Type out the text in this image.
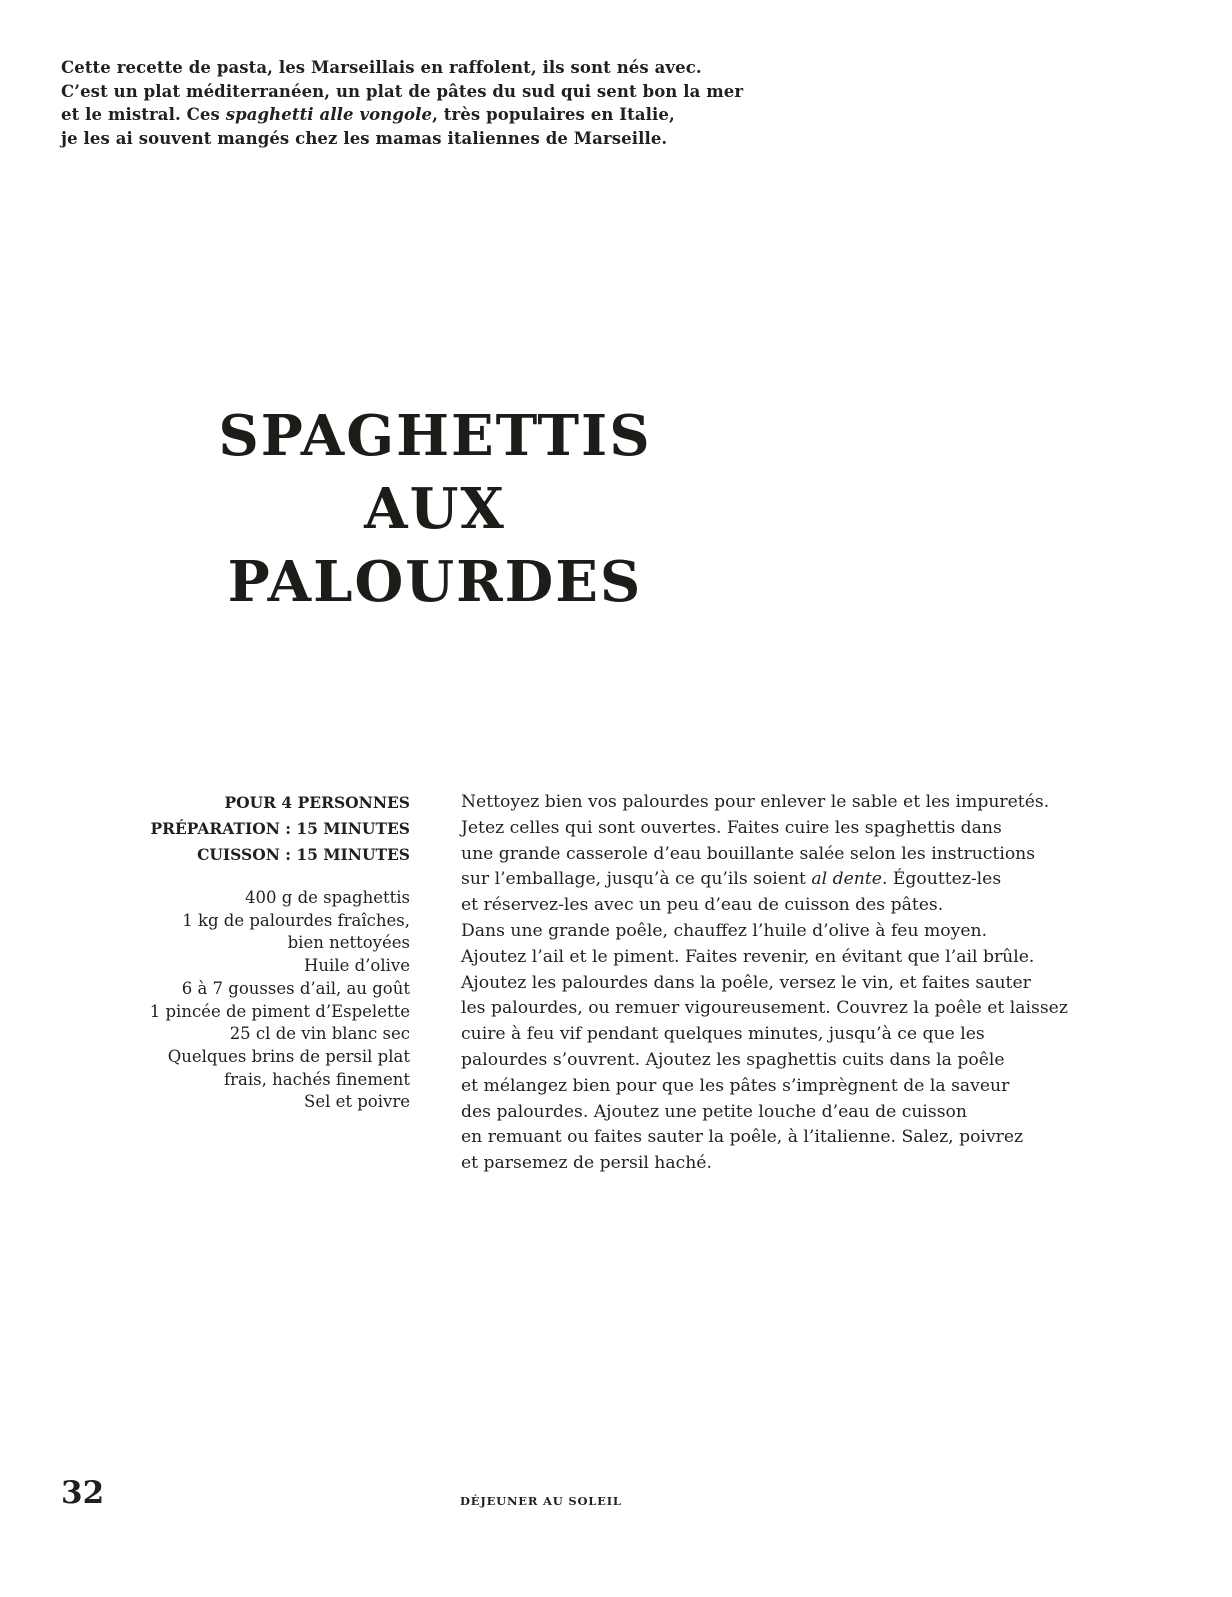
Cette recette de pasta, les Marseillais en raffolent, ils sont nés avec.
C’est un plat méditerranéen, un plat de pâtes du sud qui sent bon la mer
et le mistral. Ces spaghetti alle vongole, très populaires en Italie,
je les ai souvent mangés chez les mamas italiennes de Marseille.
SPAGHETTIS
AUX
PALOURDES
POUR 4 PERSONNES
PRÉPARATION : 15 MINUTES
CUISSON : 15 MINUTES
400 g de spaghettis
1 kg de palourdes fraîches,
bien nettoyées
Huile d’olive
6 à 7 gousses d’ail, au goût
1 pincée de piment d’Espelette
25 cl de vin blanc sec
Quelques brins de persil plat
frais, hachés finement
Sel et poivre
Nettoyez bien vos palourdes pour enlever le sable et les impuretés.
Jetez celles qui sont ouvertes. Faites cuire les spaghettis dans
une grande casserole d’eau bouillante salée selon les instructions
sur l’emballage, jusqu’à ce qu’ils soient al dente. Égouttez-les
et réservez-les avec un peu d’eau de cuisson des pâtes.
Dans une grande poêle, chauffez l’huile d’olive à feu moyen.
Ajoutez l’ail et le piment. Faites revenir, en évitant que l’ail brûle.
Ajoutez les palourdes dans la poêle, versez le vin, et faites sauter
les palourdes, ou remuer vigoureusement. Couvrez la poêle et laissez
cuire à feu vif pendant quelques minutes, jusqu’à ce que les
palourdes s’ouvrent. Ajoutez les spaghettis cuits dans la poêle
et mélangez bien pour que les pâtes s’imprègnent de la saveur
des palourdes. Ajoutez une petite louche d’eau de cuisson
en remuant ou faites sauter la poêle, à l’italienne. Salez, poivrez
et parsemez de persil haché.
32	DÉJEUNER AU SOLEIL
